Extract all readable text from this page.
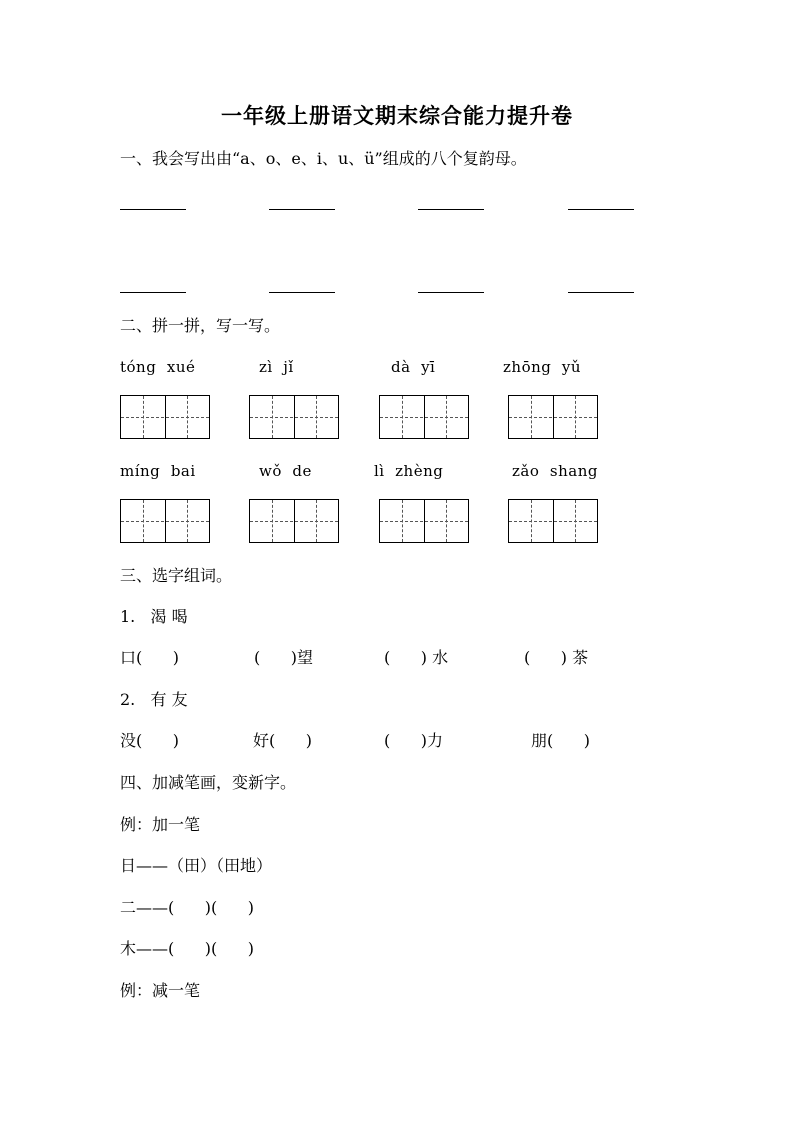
一年级上册语文期末综合能力提升卷
一、我会写出由“a、o、e、i、u、ü”组成的八个复韵母。
二、拼一拼，写一写。
tóng  xué	zì  jǐ	dà  yī	zhōng  yǔ
míng  bai	wǒ  de	lì  zhèng	zǎo  shang
三、选字组词。
1.   渴 喝
口(      )	(      )望	(      ) 水	(      ) 茶
2.   有 友
没(      )	好(      )	(      )力	朋(      )
四、加减笔画，变新字。
例：加一笔
日——（田）（田地）
二——(      )(      )
木——(      )(      )
例：减一笔
